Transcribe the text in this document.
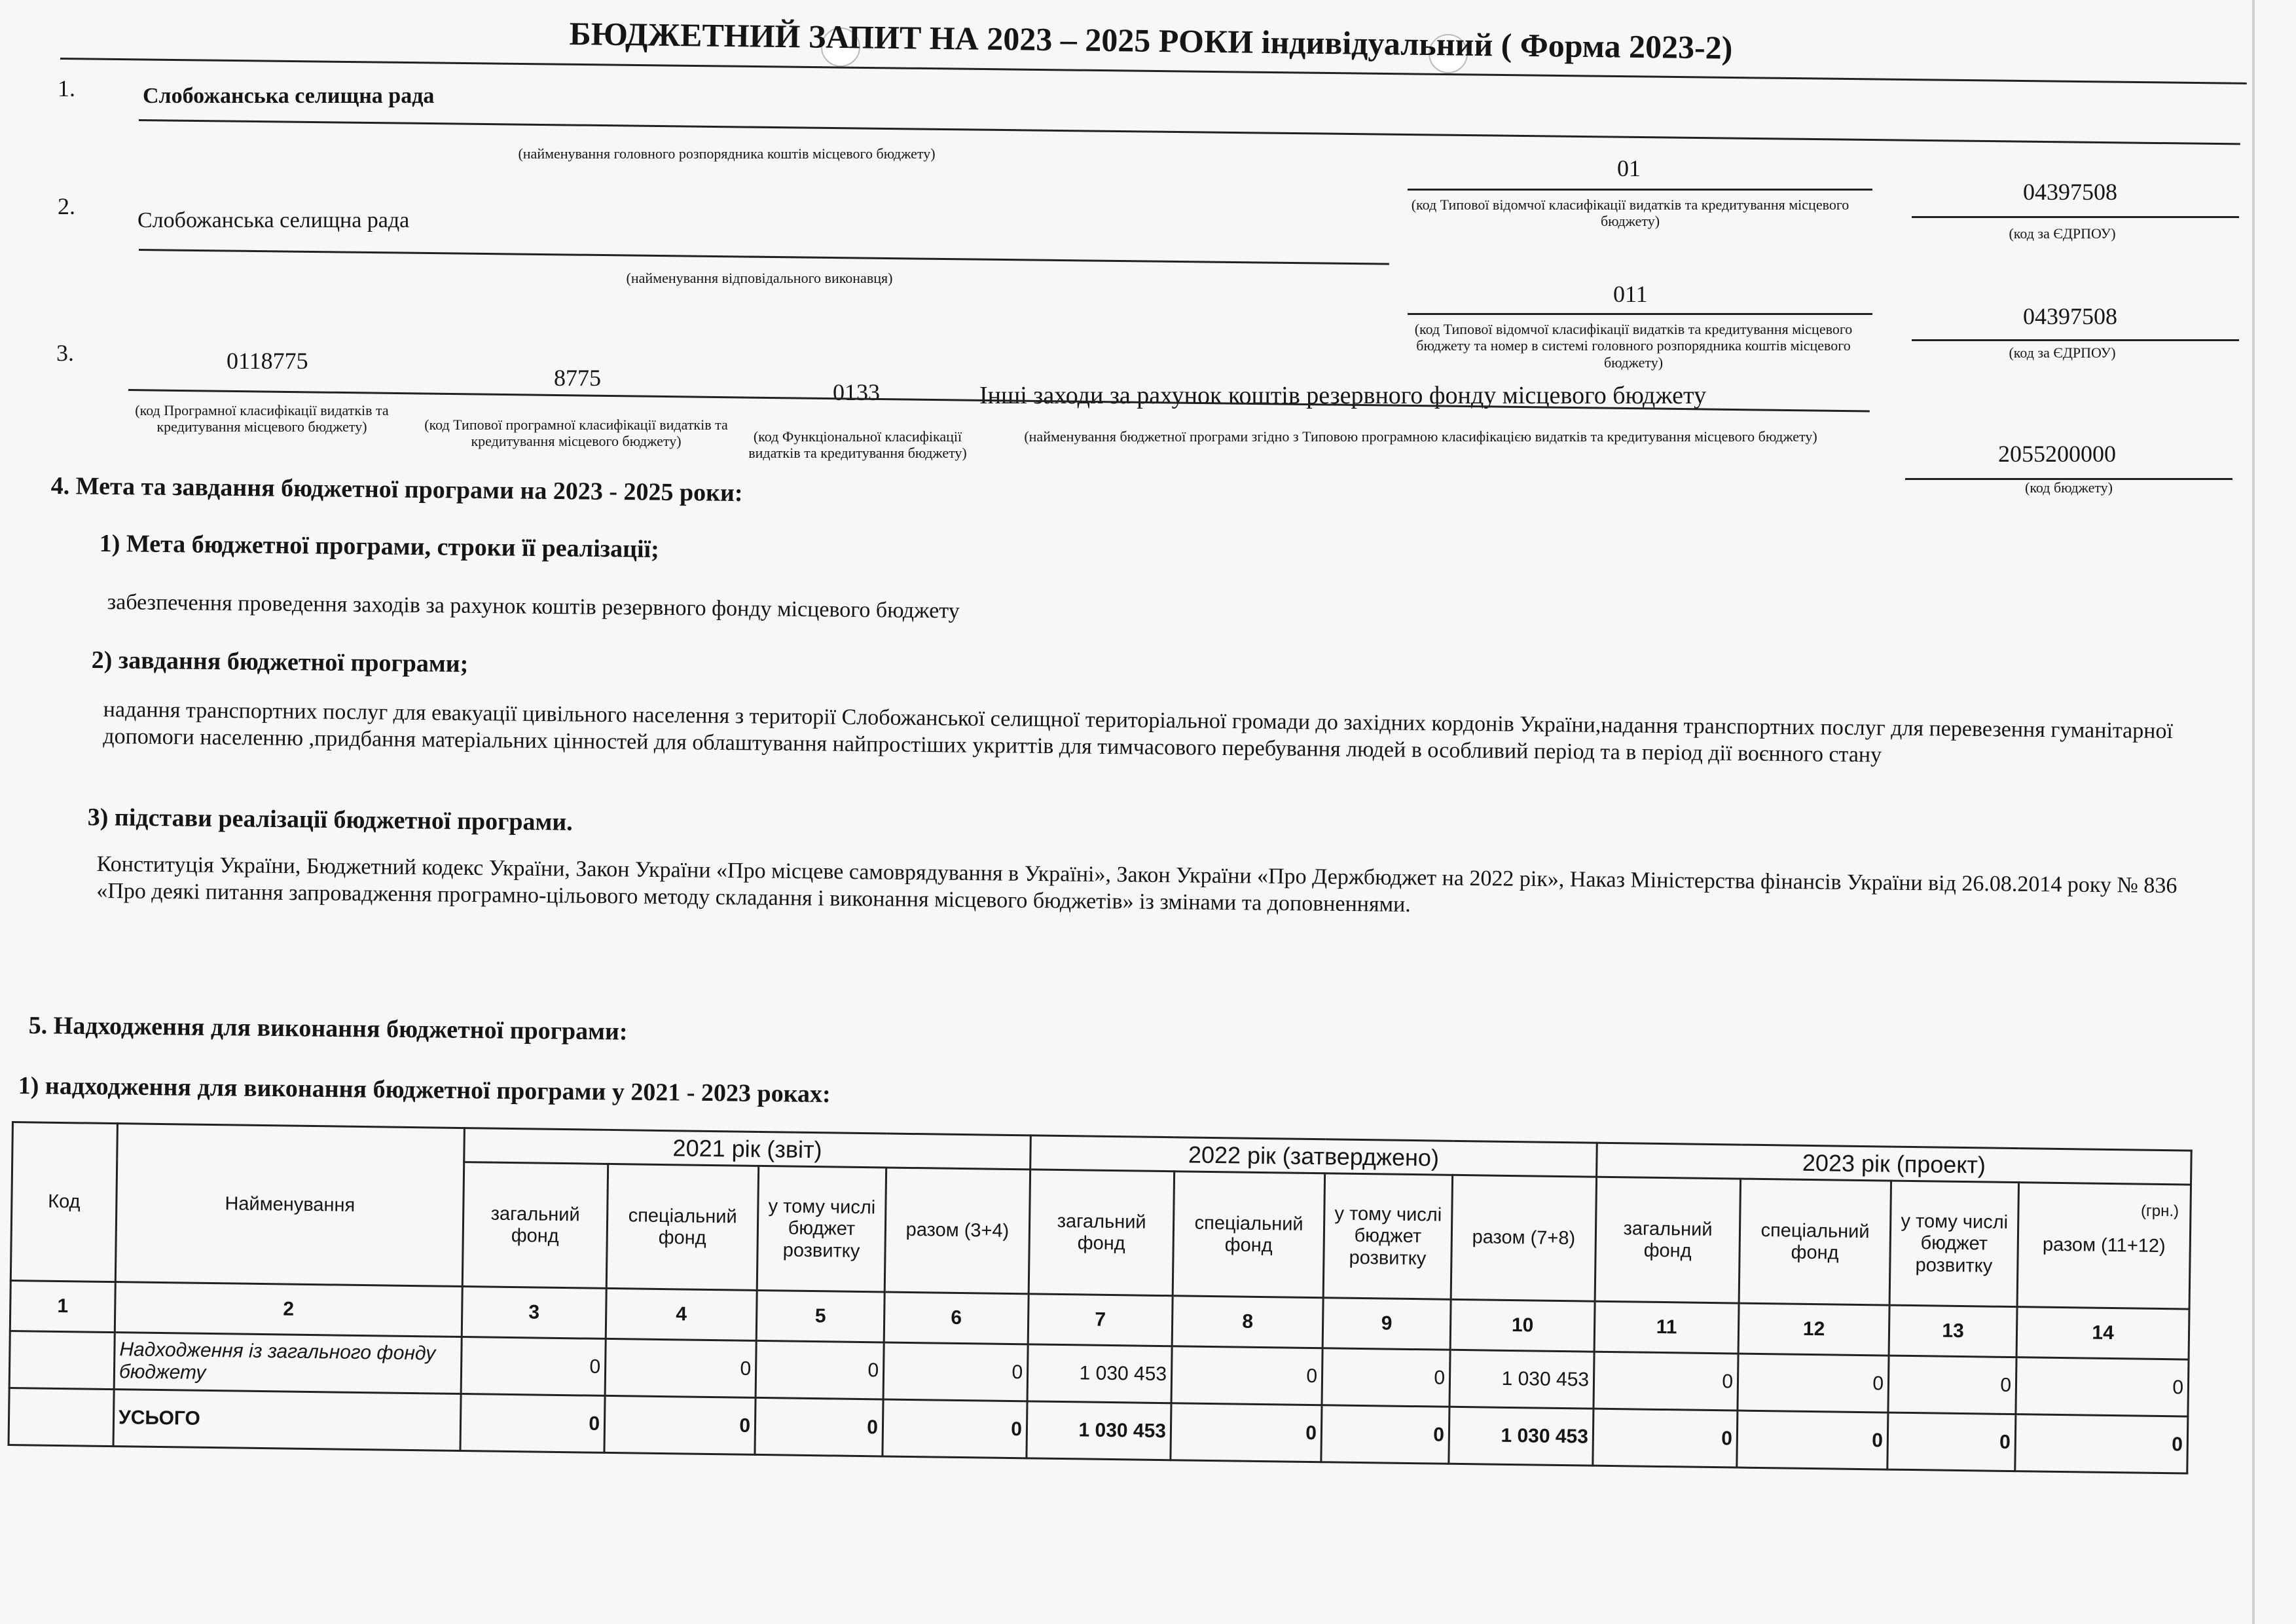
БЮДЖЕТНИЙ ЗАПИТ НА 2023 – 2025 РОКИ індивідуальний ( Форма 2023-2)
1.	Слобожанська селищна рада
(найменування головного розпорядника коштів місцевого бюджету)
01
(код Типової відомчої класифікації видатків та кредитування місцевого бюджету)
04397508
(код за ЄДРПОУ)
2.
Слобожанська селищна рада
(найменування відповідального виконавця)
011
(код Типової відомчої класифікації видатків та кредитування місцевого бюджету та номер в системі головного розпорядника коштів місцевого бюджету)
04397508
(код за ЄДРПОУ)
3.	0118775
8775
0133	Інші заходи за рахунок коштів резервного фонду місцевого бюджету
(код Програмної класифікації видатків та кредитування місцевого бюджету)	(код Типової програмної класифікації видатків та кредитування місцевого бюджету)	(код Функціональної класифікації видатків та кредитування бюджету)
(найменування бюджетної програми згідно з Типовою програмною класифікацією видатків та кредитування місцевого бюджету)
2055200000
(код бюджету)
4. Мета та завдання бюджетної програми на 2023 - 2025 роки:
1) Мета бюджетної програми, строки її реалізації;
забезпечення проведення заходів за рахунок коштів резервного фонду місцевого бюджету
2) завдання бюджетної програми;
надання транспортних послуг для евакуації цивільного населення з території Слобожанської селищної територіальної громади до західних кордонів України,надання транспортних послуг для перевезення гуманітарної допомоги населенню ,придбання матеріальних цінностей для облаштування найпростіших укриттів для тимчасового перебування людей в особливий період та в період дії воєнного стану
3) підстави реалізації бюджетної програми.
Конституція України, Бюджетний кодекс України, Закон України «Про місцеве самоврядування в Україні», Закон України «Про Держбюджет на 2022 рік», Наказ Міністерства фінансів України від 26.08.2014 року № 836 «Про деякі питання запровадження програмно-цільового методу складання і виконання місцевого бюджетів» із змінами та доповненнями.
5. Надходження для виконання бюджетної програми:
1) надходження для виконання бюджетної програми у 2021 - 2023 роках:
(грн.)
Код	Найменування	2021 рік (звіт)				2022 рік (затверджено)				2023 рік (проект)			
		загальний фонд	спеціальний фонд	у тому числі бюджет розвитку	разом (3+4)	загальний фонд	спеціальний фонд	у тому числі бюджет розвитку	разом (7+8)	загальний фонд	спеціальний фонд	у тому числі бюджет розвитку	разом (11+12)
1	2	3	4	5	6	7	8	9	10	11	12	13	14
	Надходження із загального фонду бюджету	0	0	0	0	1 030 453	0	0	1 030 453	0	0	0	0
	УСЬОГО	0	0	0	0	1 030 453	0	0	1 030 453	0	0	0	0
